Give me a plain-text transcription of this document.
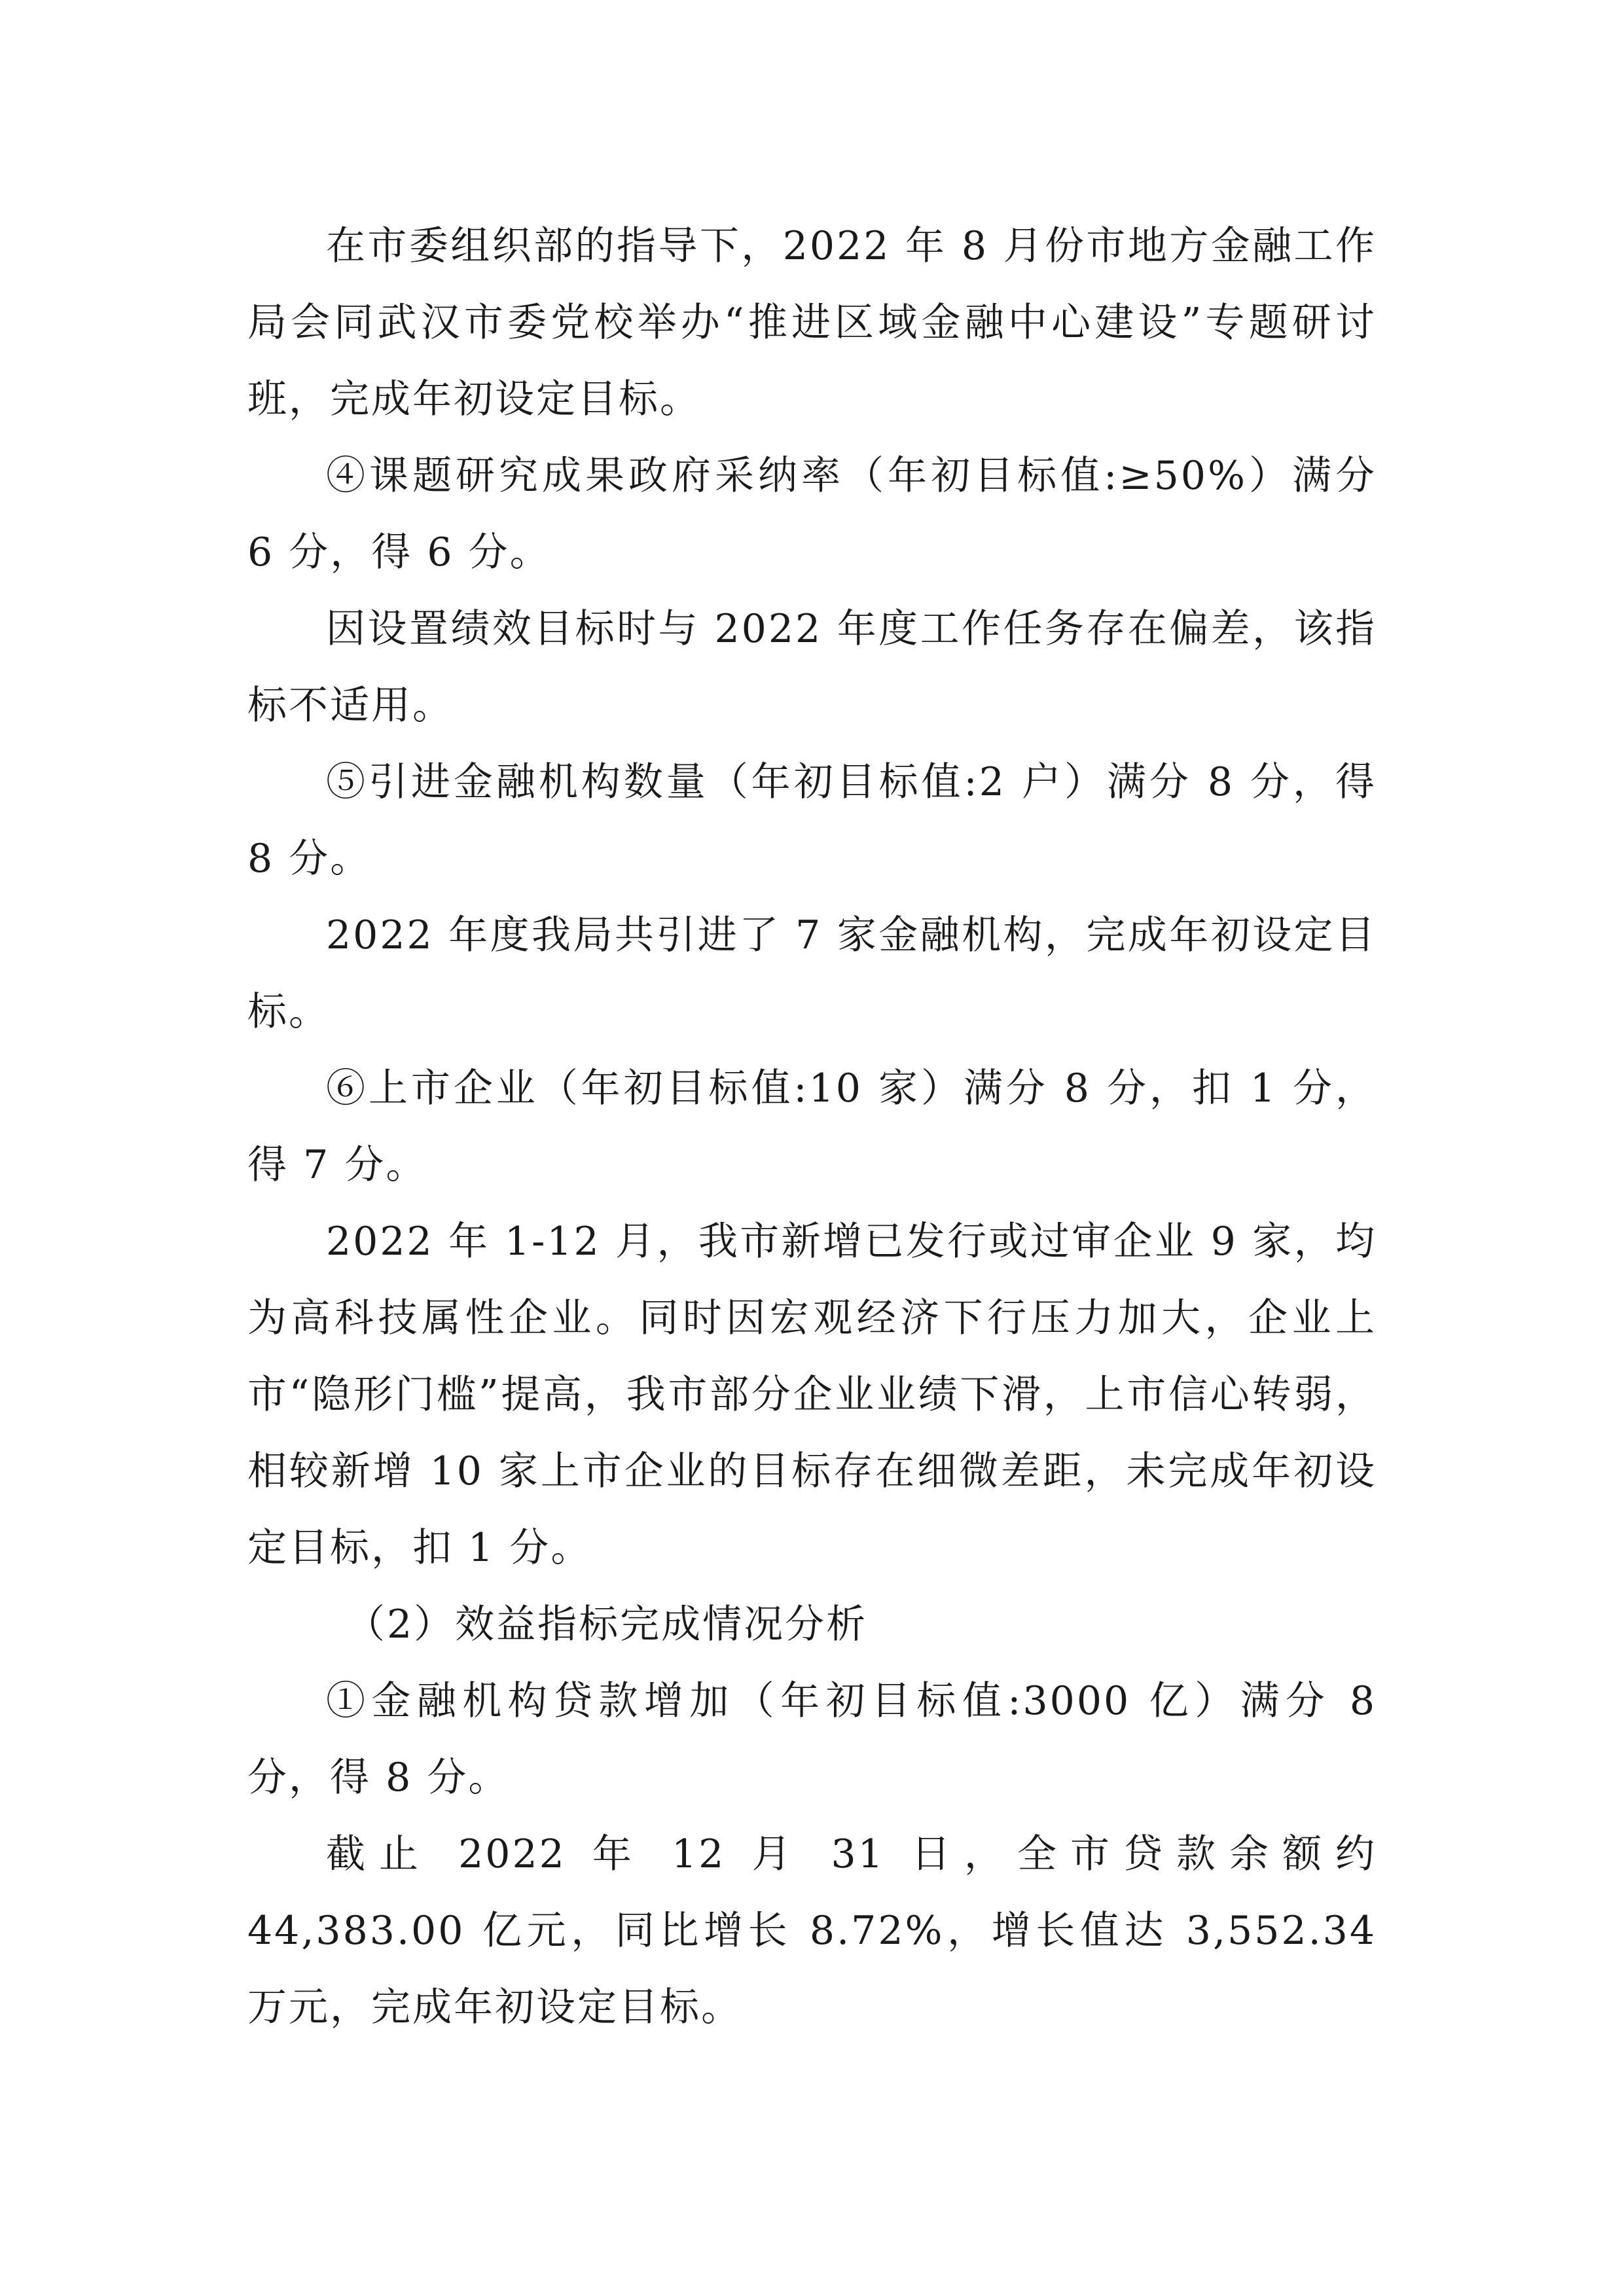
在市委组织部的指导下，2022 年 8 月份市地方金融工作局会同武汉市委党校举办“推进区域金融中心建设”专题研讨班，完成年初设定目标。

④课题研究成果政府采纳率（年初目标值:≥50%）满分 6 分，得 6 分。

因设置绩效目标时与 2022 年度工作任务存在偏差，该指标不适用。

⑤引进金融机构数量（年初目标值:2 户）满分 8 分，得 8 分。

2022 年度我局共引进了 7 家金融机构，完成年初设定目标。

⑥上市企业（年初目标值:10 家）满分 8 分，扣 1 分，得 7 分。

2022 年 1-12 月，我市新增已发行或过审企业 9 家，均为高科技属性企业。同时因宏观经济下行压力加大，企业上市“隐形门槛”提高，我市部分企业业绩下滑，上市信心转弱，相较新增 10 家上市企业的目标存在细微差距，未完成年初设定目标，扣 1 分。

（2）效益指标完成情况分析

①金融机构贷款增加（年初目标值:3000 亿）满分 8 分，得 8 分。

截止 2022 年 12 月 31 日，全市贷款余额约 44,383.00 亿元，同比增长 8.72%，增长值达 3,552.34 万元，完成年初设定目标。
